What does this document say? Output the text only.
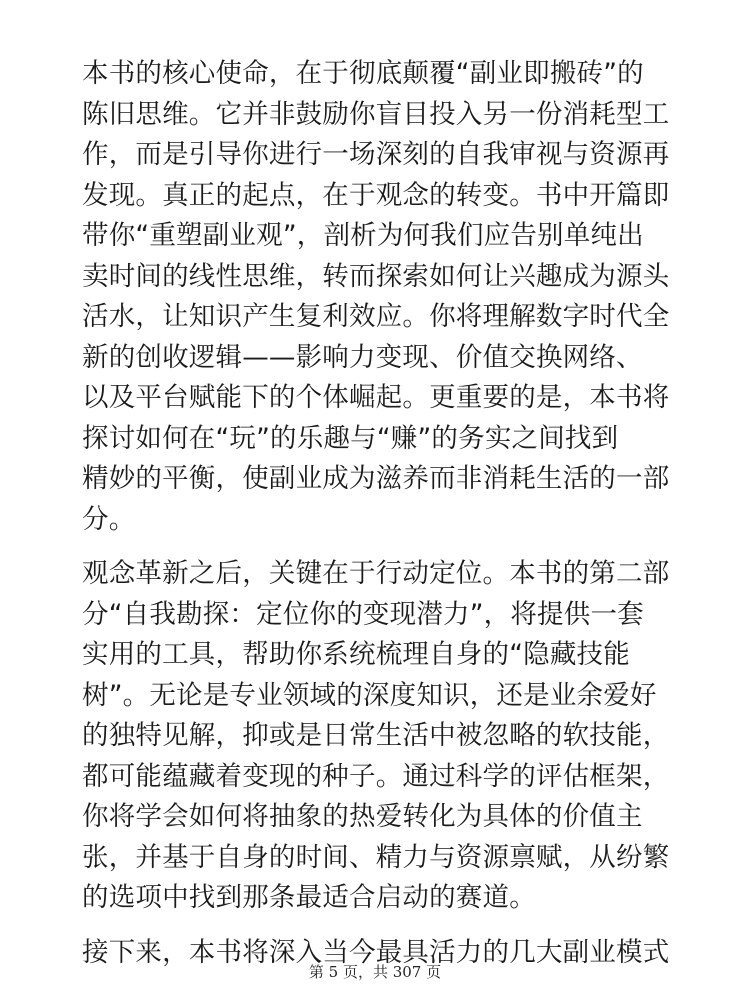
本书的核心使命，在于彻底颠覆“副业即搬砖”的
陈旧思维。它并非鼓励你盲目投入另一份消耗型工
作，而是引导你进行一场深刻的自我审视与资源再
发现。真正的起点，在于观念的转变。书中开篇即
带你“重塑副业观”，剖析为何我们应告别单纯出
卖时间的线性思维，转而探索如何让兴趣成为源头
活水，让知识产生复利效应。你将理解数字时代全
新的创收逻辑——影响力变现、价值交换网络、
以及平台赋能下的个体崛起。更重要的是，本书将
探讨如何在“玩”的乐趣与“赚”的务实之间找到
精妙的平衡，使副业成为滋养而非消耗生活的一部
分。
观念革新之后，关键在于行动定位。本书的第二部
分“自我勘探：定位你的变现潜力”，将提供一套
实用的工具，帮助你系统梳理自身的“隐藏技能
树”。无论是专业领域的深度知识，还是业余爱好
的独特见解，抑或是日常生活中被忽略的软技能，
都可能蕴藏着变现的种子。通过科学的评估框架，
你将学会如何将抽象的热爱转化为具体的价值主
张，并基于自身的时间、精力与资源禀赋，从纷繁
的选项中找到那条最适合启动的赛道。
接下来，本书将深入当今最具活力的几大副业模式
第 5 页，共 307 页
